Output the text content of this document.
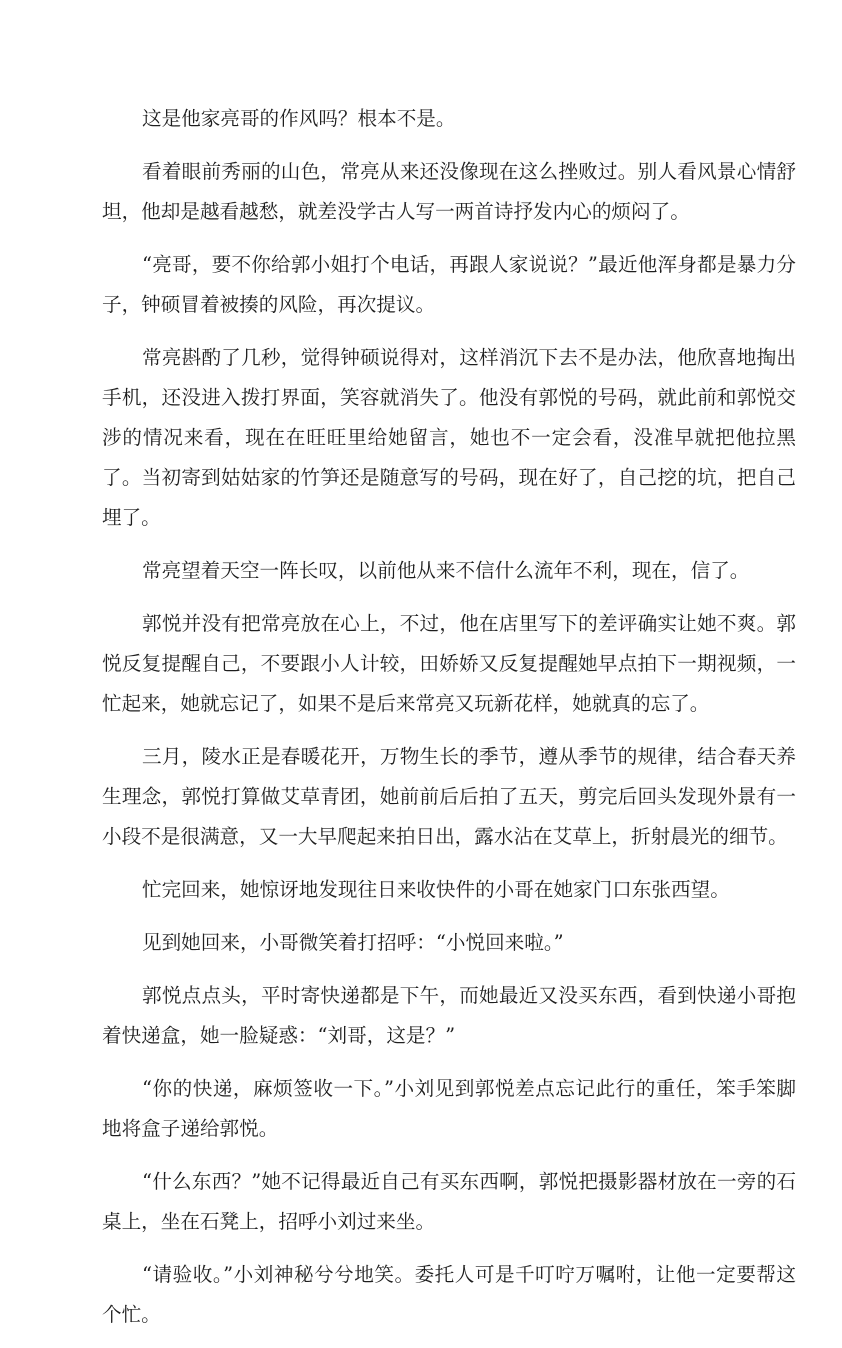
这是他家亮哥的作风吗？根本不是。

看着眼前秀丽的山色，常亮从来还没像现在这么挫败过。别人看风景心情舒坦，他却是越看越愁，就差没学古人写一两首诗抒发内心的烦闷了。

“亮哥，要不你给郭小姐打个电话，再跟人家说说？”最近他浑身都是暴力分子，钟硕冒着被揍的风险，再次提议。

常亮斟酌了几秒，觉得钟硕说得对，这样消沉下去不是办法，他欣喜地掏出手机，还没进入拨打界面，笑容就消失了。他没有郭悦的号码，就此前和郭悦交涉的情况来看，现在在旺旺里给她留言，她也不一定会看，没准早就把他拉黑了。当初寄到姑姑家的竹笋还是随意写的号码，现在好了，自己挖的坑，把自己埋了。

常亮望着天空一阵长叹，以前他从来不信什么流年不利，现在，信了。

郭悦并没有把常亮放在心上，不过，他在店里写下的差评确实让她不爽。郭悦反复提醒自己，不要跟小人计较，田娇娇又反复提醒她早点拍下一期视频，一忙起来，她就忘记了，如果不是后来常亮又玩新花样，她就真的忘了。

三月，陵水正是春暖花开，万物生长的季节，遵从季节的规律，结合春天养生理念，郭悦打算做艾草青团，她前前后后拍了五天，剪完后回头发现外景有一小段不是很满意，又一大早爬起来拍日出，露水沾在艾草上，折射晨光的细节。

忙完回来，她惊讶地发现往日来收快件的小哥在她家门口东张西望。

见到她回来，小哥微笑着打招呼：“小悦回来啦。”

郭悦点点头，平时寄快递都是下午，而她最近又没买东西，看到快递小哥抱着快递盒，她一脸疑惑：“刘哥，这是？”

“你的快递，麻烦签收一下。”小刘见到郭悦差点忘记此行的重任，笨手笨脚地将盒子递给郭悦。

“什么东西？”她不记得最近自己有买东西啊，郭悦把摄影器材放在一旁的石桌上，坐在石凳上，招呼小刘过来坐。

“请验收。”小刘神秘兮兮地笑。委托人可是千叮咛万嘱咐，让他一定要帮这个忙。
